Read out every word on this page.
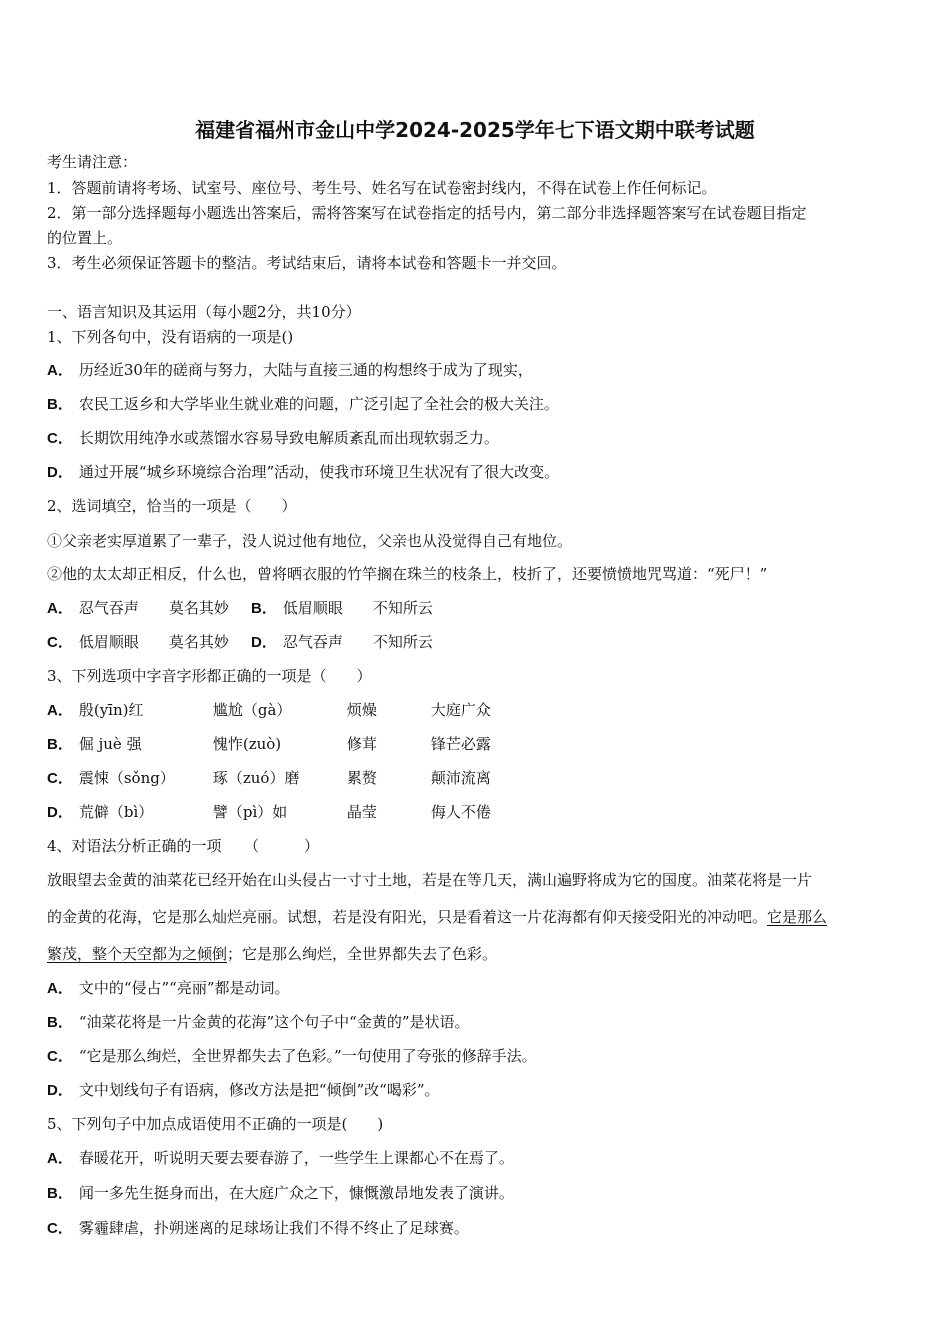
福建省福州市金山中学2024-2025学年七下语文期中联考试题
考生请注意：
1．答题前请将考场、试室号、座位号、考生号、姓名写在试卷密封线内，不得在试卷上作任何标记。
2．第一部分选择题每小题选出答案后，需将答案写在试卷指定的括号内，第二部分非选择题答案写在试卷题目指定
的位置上。
3．考生必须保证答题卡的整洁。考试结束后，请将本试卷和答题卡一并交回。
一、语言知识及其运用（每小题2分，共10分）
1、下列各句中，没有语病的一项是()
A． 历经近30年的磋商与努力，大陆与直接三通的构想终于成为了现实，
B． 农民工返乡和大学毕业生就业难的问题，广泛引起了全社会的极大关注。
C． 长期饮用纯净水或蒸馏水容易导致电解质紊乱而出现软弱乏力。
D． 通过开展“城乡环境综合治理”活动，使我市环境卫生状况有了很大改变。
2、选词填空，恰当的一项是（　　）
①父亲老实厚道累了一辈子，没人说过他有地位，父亲也从没觉得自己有地位。
②他的太太却正相反，什么也，曾将晒衣服的竹竿搁在珠兰的枝条上，枝折了，还要愤愤地咒骂道：“死尸！”
A． 忍气吞声　　莫名其妙 B． 低眉顺眼　　不知所云
C． 低眉顺眼　　莫名其妙 D． 忍气吞声　　不知所云
3、下列选项中字音字形都正确的一项是（　　）
A． 殷(yīn)红	尴尬（gà）	烦燥	大庭广众
B． 倔 juè 强	愧怍(zuò)	修茸	锋芒必露
C． 震悚（sǒng）	琢（zuó）磨	累赘	颠沛流离
D． 荒僻（bì）	譬（pì）如	晶莹	侮人不倦
4、对语法分析正确的一项　　（　　　）
放眼望去金黄的油菜花已经开始在山头侵占一寸寸土地，若是在等几天，满山遍野将成为它的国度。油菜花将是一片
的金黄的花海，它是那么灿烂亮丽。试想，若是没有阳光，只是看着这一片花海都有仰天接受阳光的冲动吧。它是那么
繁茂，整个天空都为之倾倒；它是那么绚烂，全世界都失去了色彩。
A． 文中的“侵占”“亮丽”都是动词。
B． “油菜花将是一片金黄的花海”这个句子中“金黄的”是状语。
C． “它是那么绚烂，全世界都失去了色彩。”一句使用了夸张的修辞手法。
D． 文中划线句子有语病，修改方法是把“倾倒”改“喝彩”。
5、下列句子中加点成语使用不正确的一项是(　　)
A． 春暖花开，听说明天要去要春游了，一些学生上课都心不在焉了。
B． 闻一多先生挺身而出，在大庭广众之下，慷慨激昂地发表了演讲。
C． 雾霾肆虐，扑朔迷离的足球场让我们不得不终止了足球赛。
